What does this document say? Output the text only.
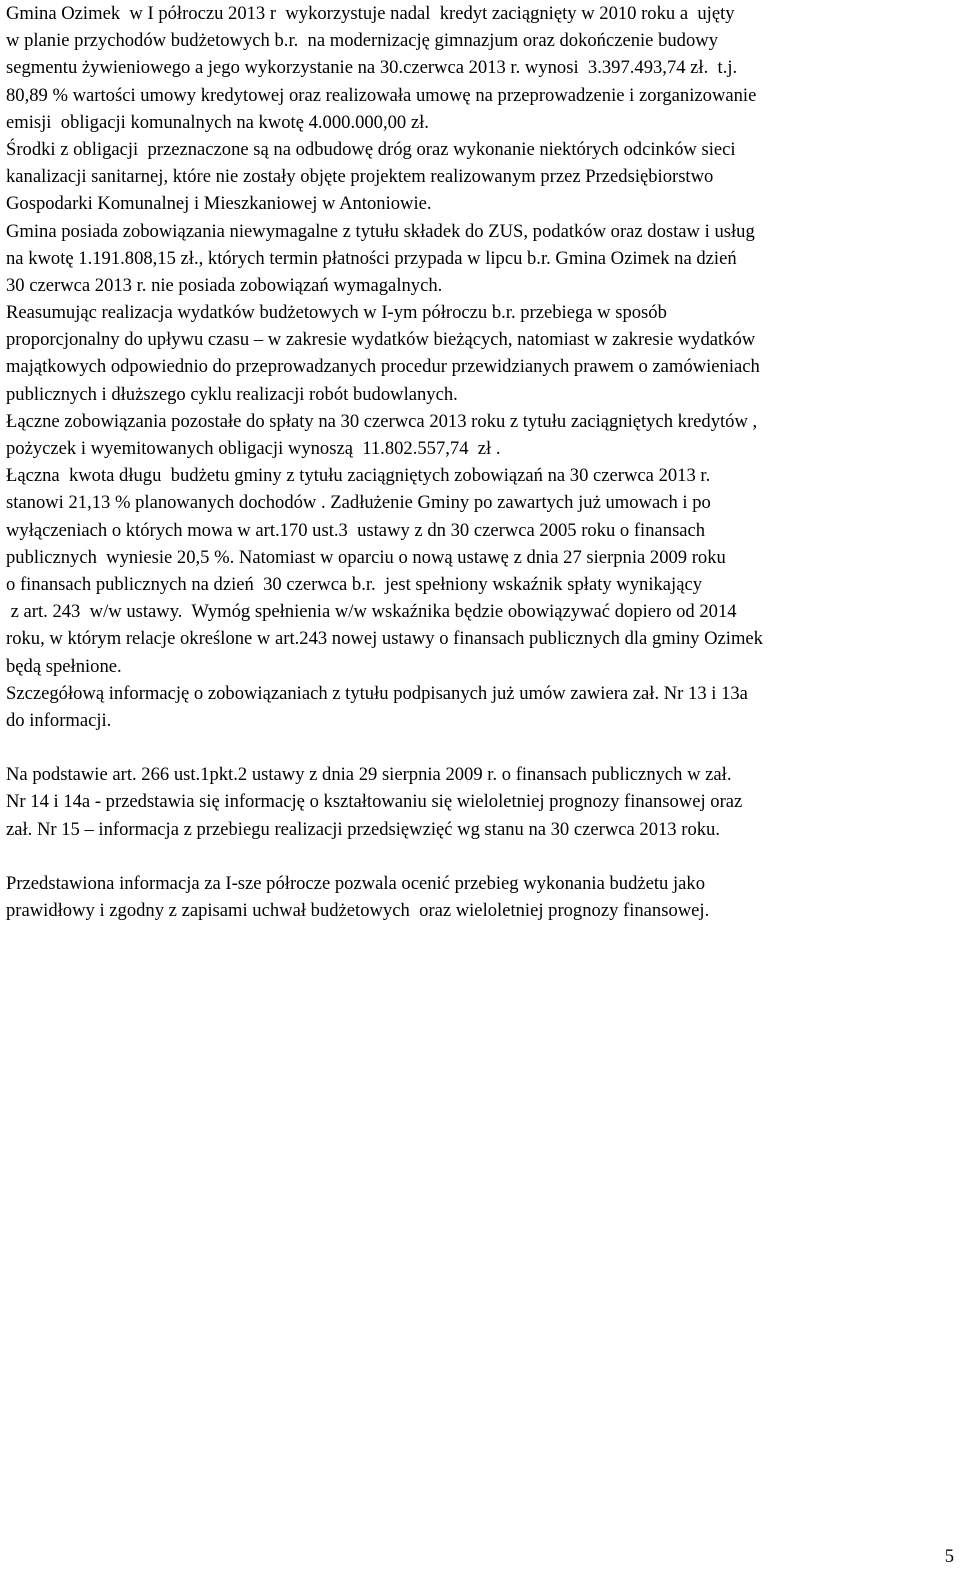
Gmina Ozimek  w I półroczu 2013 r  wykorzystuje nadal  kredyt zaciągnięty w 2010 roku a  ujęty
w planie przychodów budżetowych b.r.  na modernizację gimnazjum oraz dokończenie budowy
segmentu żywieniowego a jego wykorzystanie na 30.czerwca 2013 r. wynosi  3.397.493,74 zł.  t.j.
80,89 % wartości umowy kredytowej oraz realizowała umowę na przeprowadzenie i zorganizowanie
emisji  obligacji komunalnych na kwotę 4.000.000,00 zł.
Środki z obligacji  przeznaczone są na odbudowę dróg oraz wykonanie niektórych odcinków sieci
kanalizacji sanitarnej, które nie zostały objęte projektem realizowanym przez Przedsiębiorstwo
Gospodarki Komunalnej i Mieszkaniowej w Antoniowie.
Gmina posiada zobowiązania niewymagalne z tytułu składek do ZUS, podatków oraz dostaw i usług
na kwotę 1.191.808,15 zł., których termin płatności przypada w lipcu b.r. Gmina Ozimek na dzień
30 czerwca 2013 r. nie posiada zobowiązań wymagalnych.
Reasumując realizacja wydatków budżetowych w I-ym półroczu b.r. przebiega w sposób
proporcjonalny do upływu czasu – w zakresie wydatków bieżących, natomiast w zakresie wydatków
majątkowych odpowiednio do przeprowadzanych procedur przewidzianych prawem o zamówieniach
publicznych i dłuższego cyklu realizacji robót budowlanych.
Łączne zobowiązania pozostałe do spłaty na 30 czerwca 2013 roku z tytułu zaciągniętych kredytów ,
pożyczek i wyemitowanych obligacji wynoszą  11.802.557,74  zł .
Łączna  kwota długu  budżetu gminy z tytułu zaciągniętych zobowiązań na 30 czerwca 2013 r.
stanowi 21,13 % planowanych dochodów . Zadłużenie Gminy po zawartych już umowach i po
wyłączeniach o których mowa w art.170 ust.3  ustawy z dn 30 czerwca 2005 roku o finansach
publicznych  wyniesie 20,5 %. Natomiast w oparciu o nową ustawę z dnia 27 sierpnia 2009 roku
o finansach publicznych na dzień  30 czerwca b.r.  jest spełniony wskaźnik spłaty wynikający
z art. 243  w/w ustawy.  Wymóg spełnienia w/w wskaźnika będzie obowiązywać dopiero od 2014
roku, w którym relacje określone w art.243 nowej ustawy o finansach publicznych dla gminy Ozimek
będą spełnione.
Szczegółową informację o zobowiązaniach z tytułu podpisanych już umów zawiera zał. Nr 13 i 13a
do informacji.
Na podstawie art. 266 ust.1pkt.2 ustawy z dnia 29 sierpnia 2009 r. o finansach publicznych w zał.
Nr 14 i 14a - przedstawia się informację o kształtowaniu się wieloletniej prognozy finansowej oraz
zał. Nr 15 – informacja z przebiegu realizacji przedsięwzięć wg stanu na 30 czerwca 2013 roku.
Przedstawiona informacja za I-sze półrocze pozwala ocenić przebieg wykonania budżetu jako
prawidłowy i zgodny z zapisami uchwał budżetowych  oraz wieloletniej prognozy finansowej.
5
